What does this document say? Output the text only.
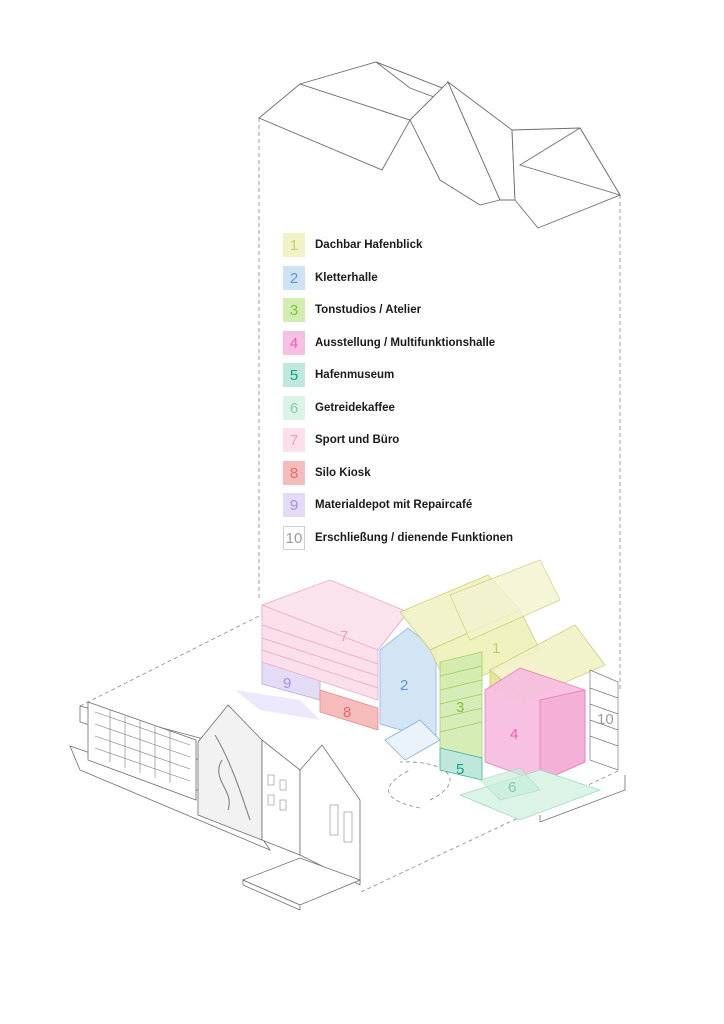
7
1
2
9
8	3
4
10
5
6
1 Dachbar Hafenblick
2 Kletterhalle
3 Tonstudios / Atelier
4 Ausstellung / Multifunktionshalle
5 Hafenmuseum
6 Getreidekaffee
7 Sport und Büro
8 Silo Kiosk
9 Materialdepot mit Repaircafé
10 Erschließung / dienende Funktionen
